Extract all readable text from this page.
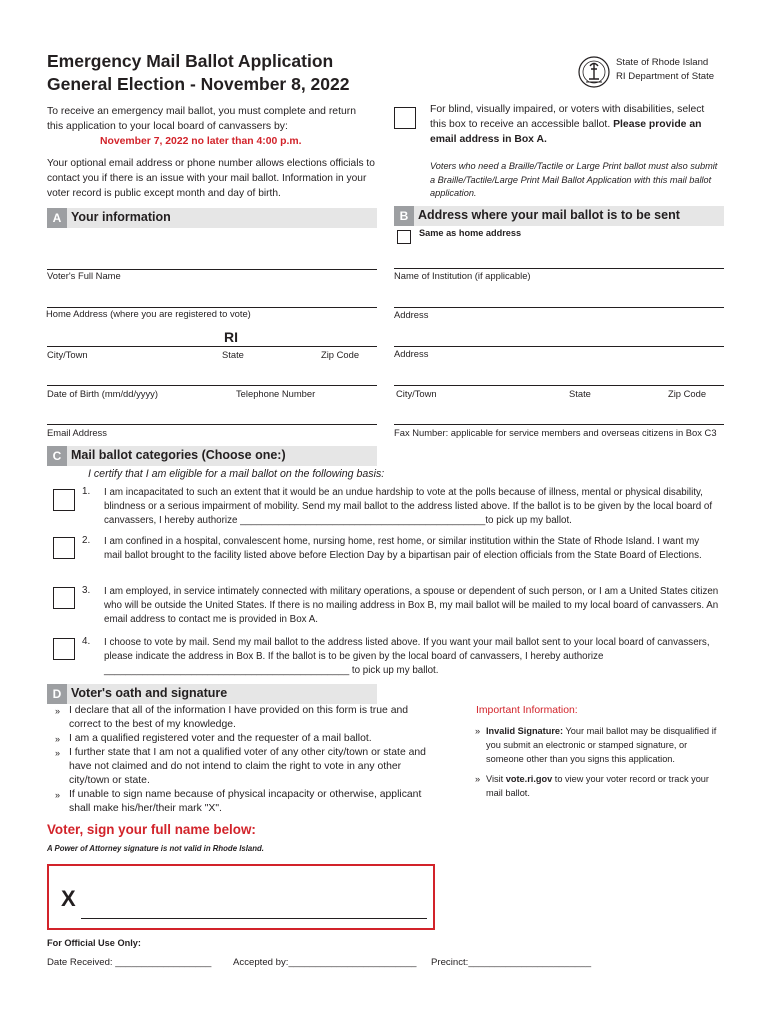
Emergency Mail Ballot Application
General Election - November 8, 2022
State of Rhode Island
RI Department of State
To receive an emergency mail ballot, you must complete and return this application to your local board of canvassers by:
November 7, 2022 no later than 4:00 p.m.
Your optional email address or phone number allows elections officials to contact you if there is an issue with your mail ballot. Information in your voter record is public except month and day of birth.
For blind, visually impaired, or voters with disabilities, select this box to receive an accessible ballot. Please provide an email address in Box A.
Voters who need a Braille/Tactile or Large Print ballot must also submit a Braille/Tactile/Large Print Mail Ballot Application with this mail ballot application.
A Your information
Voter's Full Name
Home Address (where you are registered to vote)
RI
City/Town	State	Zip Code
Date of Birth (mm/dd/yyyy)	Telephone Number
Email Address
B Address where your mail ballot is to be sent
Same as home address
Name of Institution (if applicable)
Address
Address
City/Town	State	Zip Code
Fax Number: applicable for service members and overseas citizens in Box C3
C Mail ballot categories (Choose one:)
I certify that I am eligible for a mail ballot on the following basis:
1. I am incapacitated to such an extent that it would be an undue hardship to vote at the polls because of illness, mental or physical disability, blindness or a serious impairment of mobility. Send my mail ballot to the address listed above. If the ballot is to be given by the local board of canvassers, I hereby authorize _____________________________________________to pick up my ballot.
2. I am confined in a hospital, convalescent home, nursing home, rest home, or similar institution within the State of Rhode Island. I want my mail ballot brought to the facility listed above before Election Day by a bipartisan pair of election officials from the State Board of Elections.
3. I am employed, in service intimately connected with military operations, a spouse or dependent of such person, or I am a United States citizen who will be outside the United States. If there is no mailing address in Box B, my mail ballot will be mailed to my local board of canvassers. An email address to contact me is provided in Box A.
4. I choose to vote by mail. Send my mail ballot to the address listed above. If you want your mail ballot sent to your local board of canvassers, please indicate the address in Box B. If the ballot is to be given by the local board of canvassers, I hereby authorize _____________________________________________ to pick up my ballot.
D Voter's oath and signature
» I declare that all of the information I have provided on this form is true and correct to the best of my knowledge.
» I am a qualified registered voter and the requester of a mail ballot.
» I further state that I am not a qualified voter of any other city/town or state and have not claimed and do not intend to claim the right to vote in any other city/town or state.
» If unable to sign name because of physical incapacity or otherwise, applicant shall make his/her/their mark "X".
Important Information:
» Invalid Signature: Your mail ballot may be disqualified if you submit an electronic or stamped signature, or someone other than you signs this application.
» Visit vote.ri.gov to view your voter record or track your mail ballot.
Voter, sign your full name below:
A Power of Attorney signature is not valid in Rhode Island.
X
For Official Use Only:
Date Received: __________________ Accepted by:________________________ Precinct:_______________________
